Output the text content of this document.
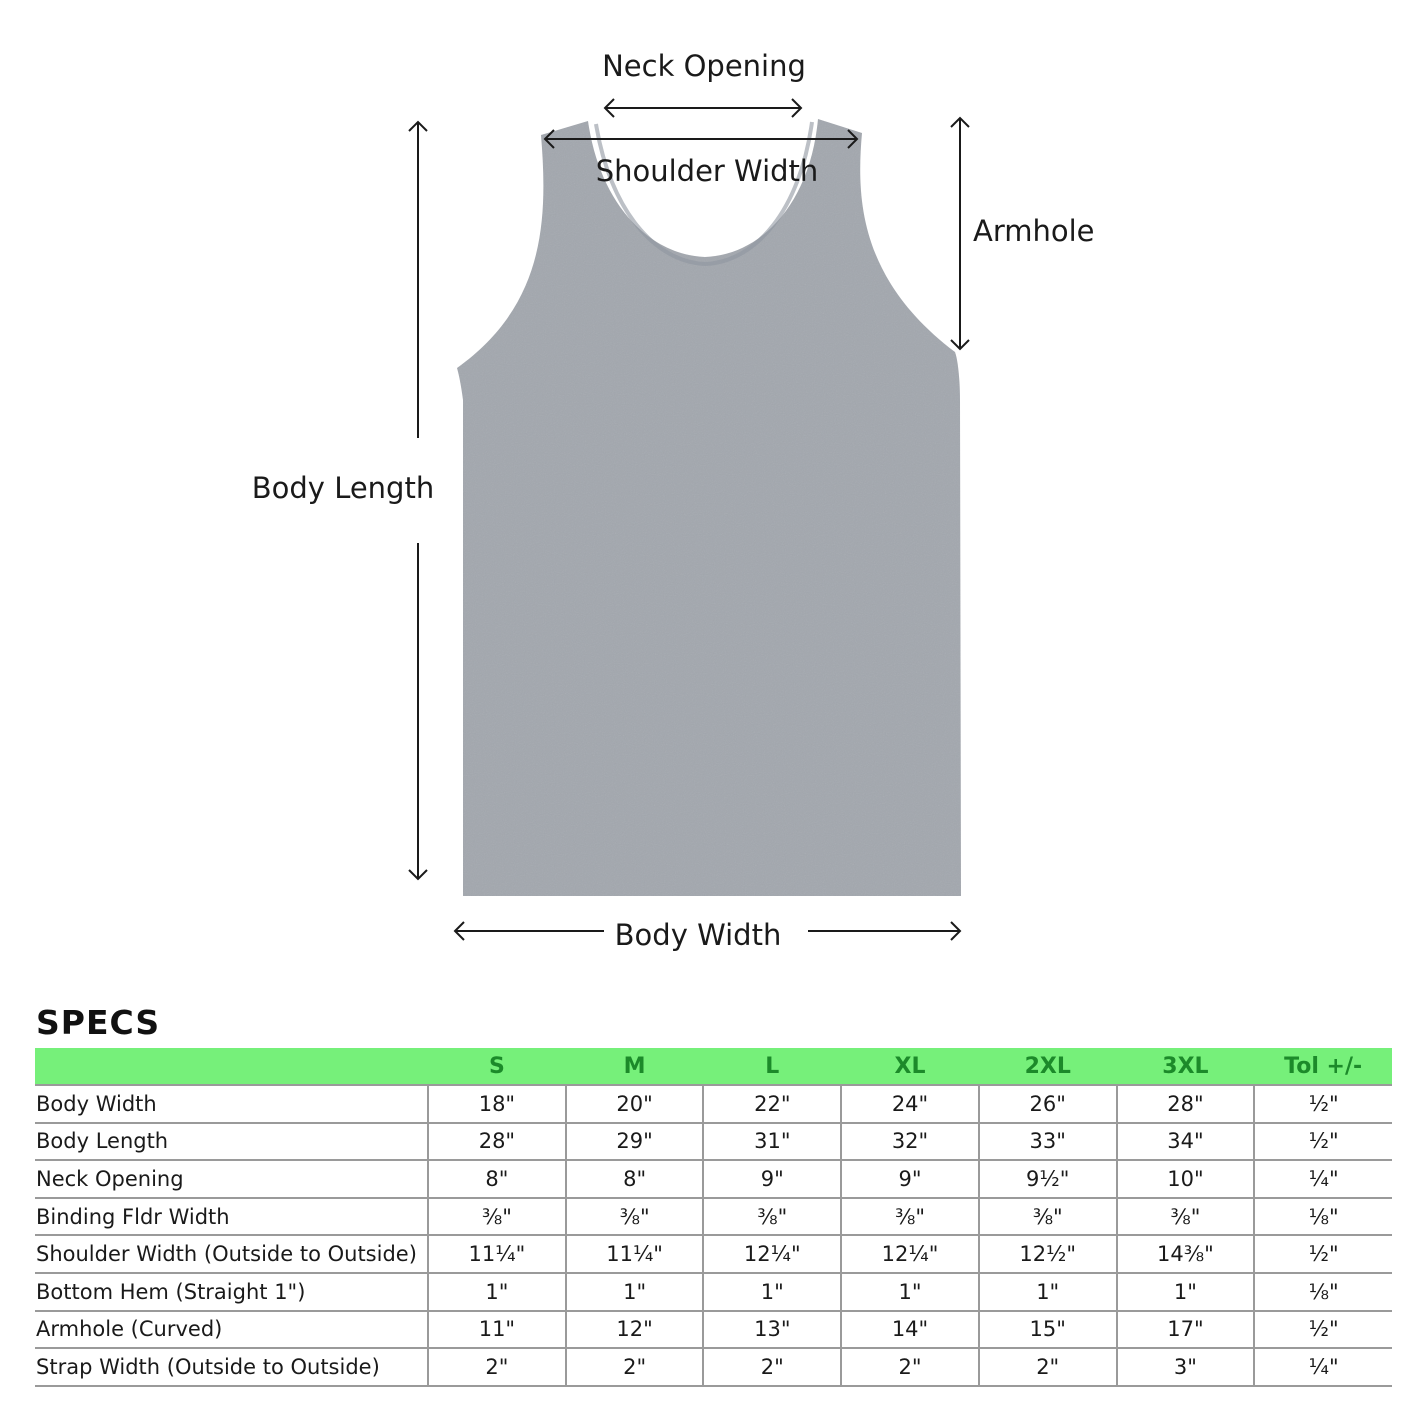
Neck Opening
Shoulder Width
Armhole
Body Length
Body Width
SPECS
	S	M	L	XL	2XL	3XL	Tol +/-
Body Width	18"	20"	22"	24"	26"	28"	½"
Body Length	28"	29"	31"	32"	33"	34"	½"
Neck Opening	8"	8"	9"	9"	9½"	10"	¼"
Binding Fldr Width	⅜"	⅜"	⅜"	⅜"	⅜"	⅜"	⅛"
Shoulder Width (Outside to Outside)	11¼"	11¼"	12¼"	12¼"	12½"	14⅜"	½"
Bottom Hem (Straight 1")	1"	1"	1"	1"	1"	1"	⅛"
Armhole (Curved)	11"	12"	13"	14"	15"	17"	½"
Strap Width (Outside to Outside)	2"	2"	2"	2"	2"	3"	¼"
